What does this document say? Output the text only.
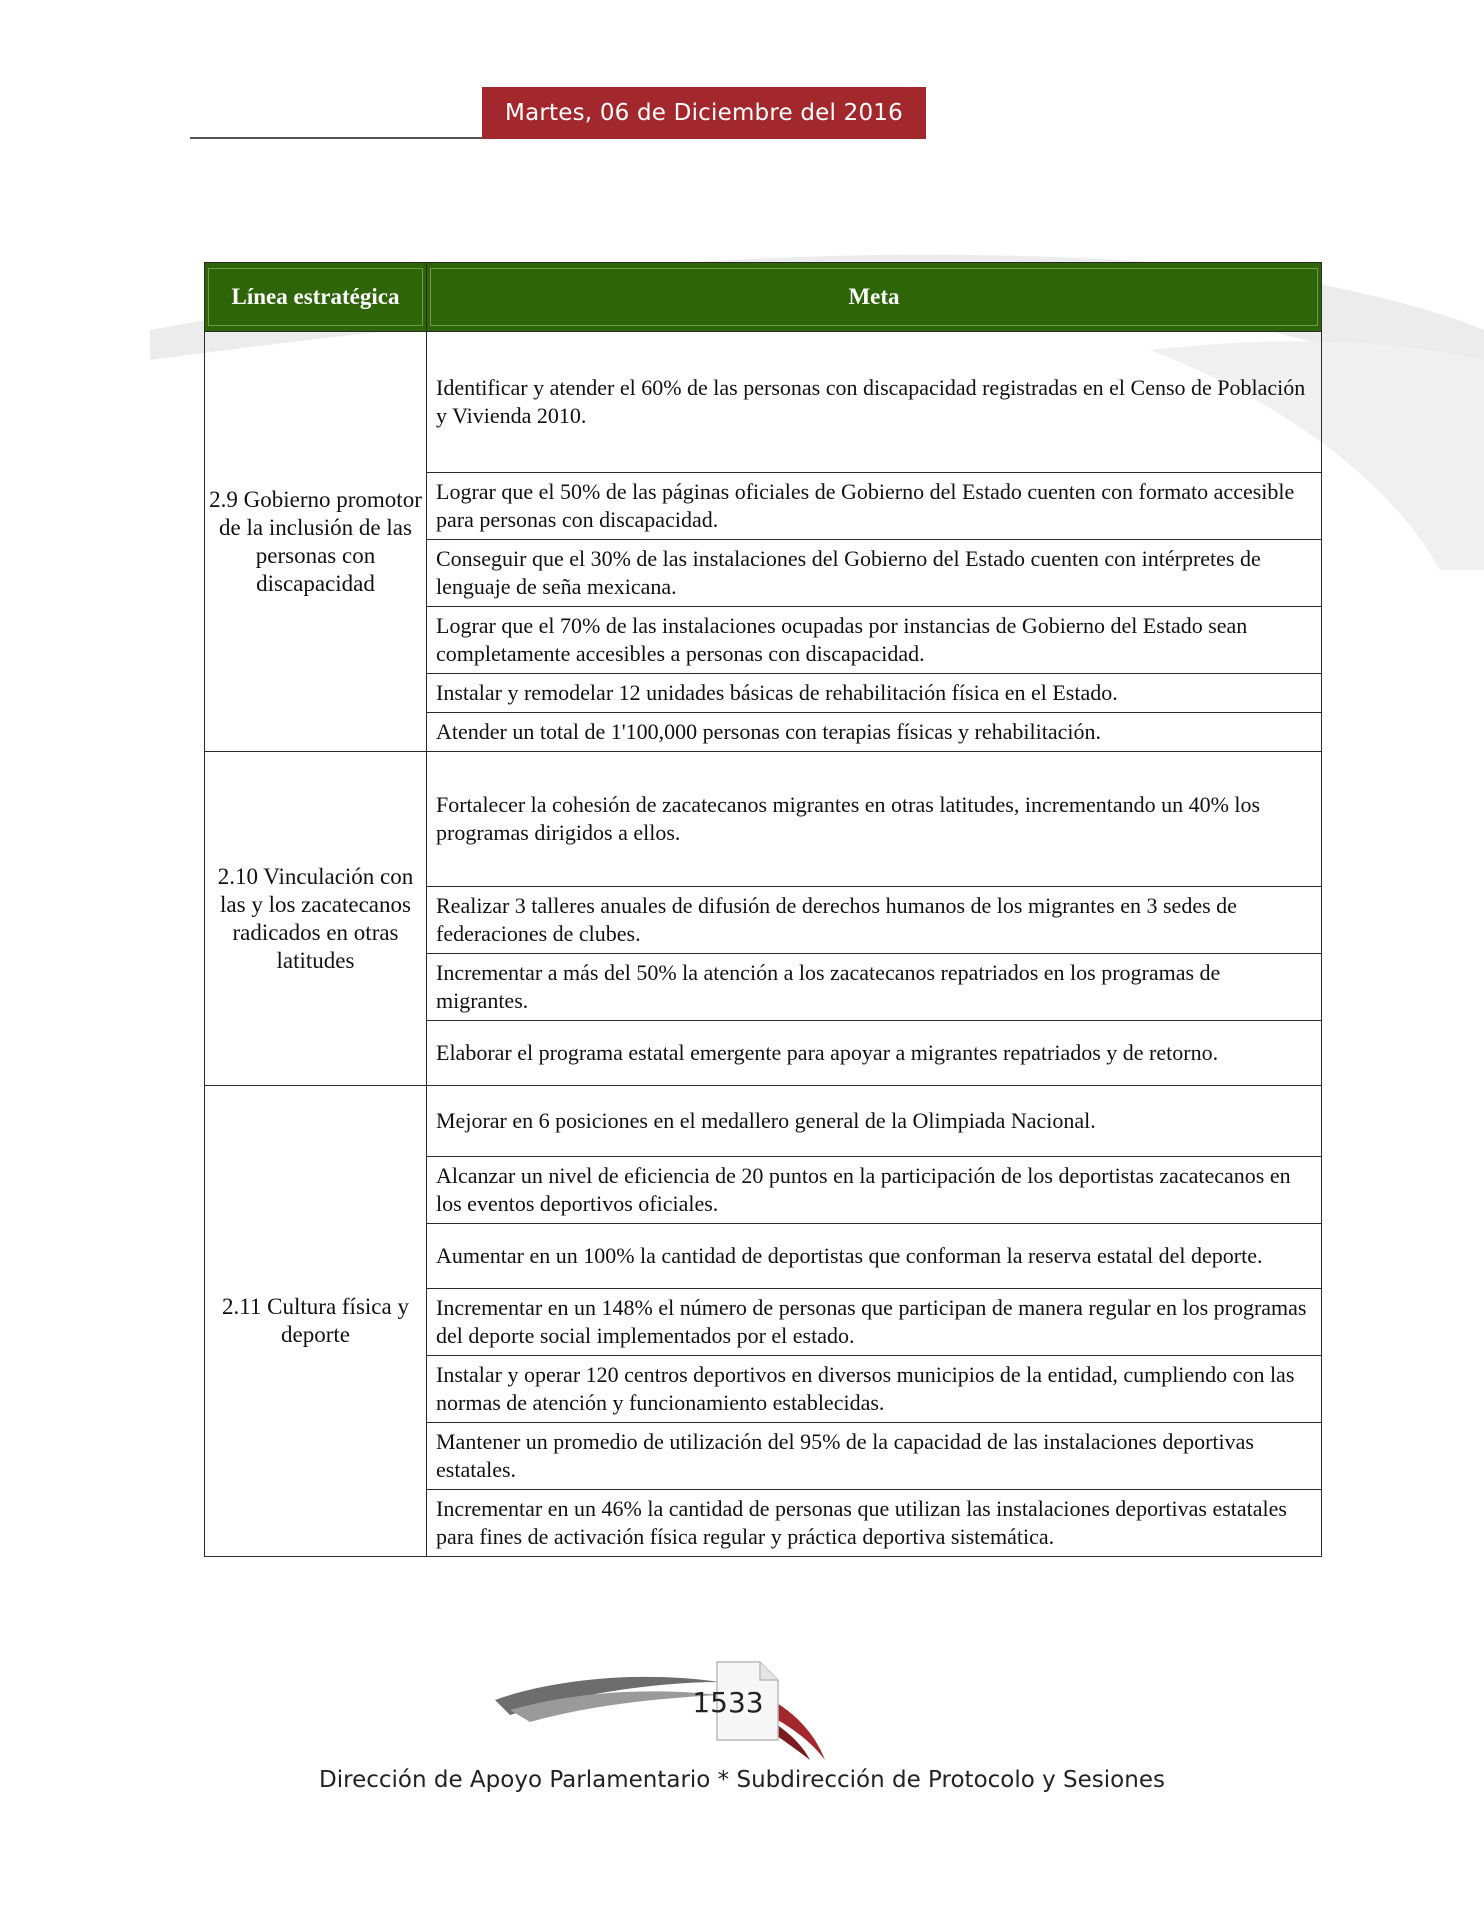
Martes, 06 de Diciembre del 2016
Línea estratégica	Meta

2.9 Gobierno promotor de la inclusión de las personas con discapacidad	Identificar y atender el 60% de las personas con discapacidad registradas en el Censo de Población y Vivienda 2010.
	Lograr que el 50% de las páginas oficiales de Gobierno del Estado cuenten con formato accesible para personas con discapacidad.
	Conseguir que el 30% de las instalaciones del Gobierno del Estado cuenten con intérpretes de lenguaje de seña mexicana.
	Lograr que el 70% de las instalaciones ocupadas por instancias de Gobierno del Estado sean completamente accesibles a personas con discapacidad.
	Instalar y remodelar 12 unidades básicas de rehabilitación física en el Estado.
	Atender un total de 1'100,000 personas con terapias físicas y rehabilitación.
2.10 Vinculación con las y los zacatecanos radicados en otras latitudes	Fortalecer la cohesión de zacatecanos migrantes en otras latitudes, incrementando un 40% los programas dirigidos a ellos.
	Realizar 3 talleres anuales de difusión de derechos humanos de los migrantes en 3 sedes de federaciones de clubes.
	Incrementar a más del 50% la atención a los zacatecanos repatriados en los programas de migrantes.
	Elaborar el programa estatal emergente para apoyar a migrantes repatriados y de retorno.
2.11 Cultura física y deporte	Mejorar en 6 posiciones en el medallero general de la Olimpiada Nacional.
	Alcanzar un nivel de eficiencia de 20 puntos en la participación de los deportistas zacatecanos en los eventos deportivos oficiales.
	Aumentar en un 100% la cantidad de deportistas que conforman la reserva estatal del deporte.
	Incrementar en un 148% el número de personas que participan de manera regular en los programas del deporte social implementados por el estado.
	Instalar y operar 120 centros deportivos en diversos municipios de la entidad, cumpliendo con las normas de atención y funcionamiento establecidas.
	Mantener un promedio de utilización del 95% de la capacidad de las instalaciones deportivas estatales.
	Incrementar en un 46% la cantidad de personas que utilizan las instalaciones deportivas estatales para fines de activación física regular y práctica deportiva sistemática.
1533
Dirección de Apoyo Parlamentario * Subdirección de Protocolo y Sesiones
